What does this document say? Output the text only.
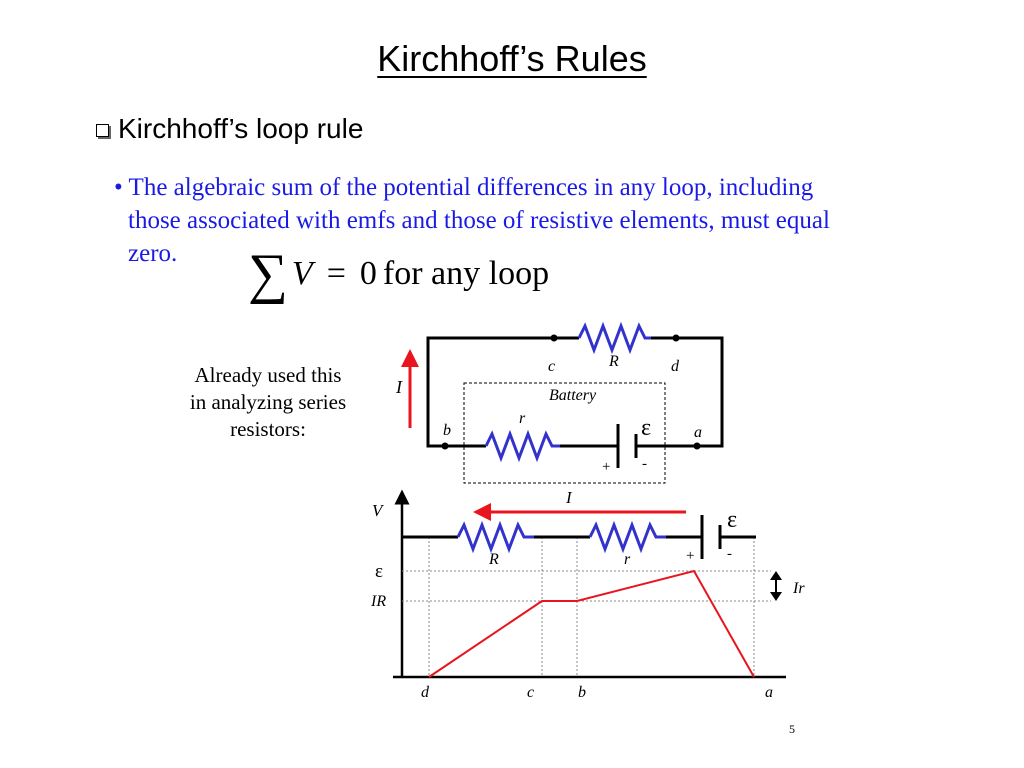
Kirchhoff’s Rules
Kirchhoff’s loop rule
• The algebraic sum of the potential differences in any loop, including
those associated with emfs and those of resistive elements, must equal
zero.	∑ V = 0 for any loop
Already used this
in analyzing series
resistors:
I
c	R	d
Battery
r
b	a
ε
+ -
V
ε
IR
Ir
I
R	r
ε
+ -
d	c	b	a
5
